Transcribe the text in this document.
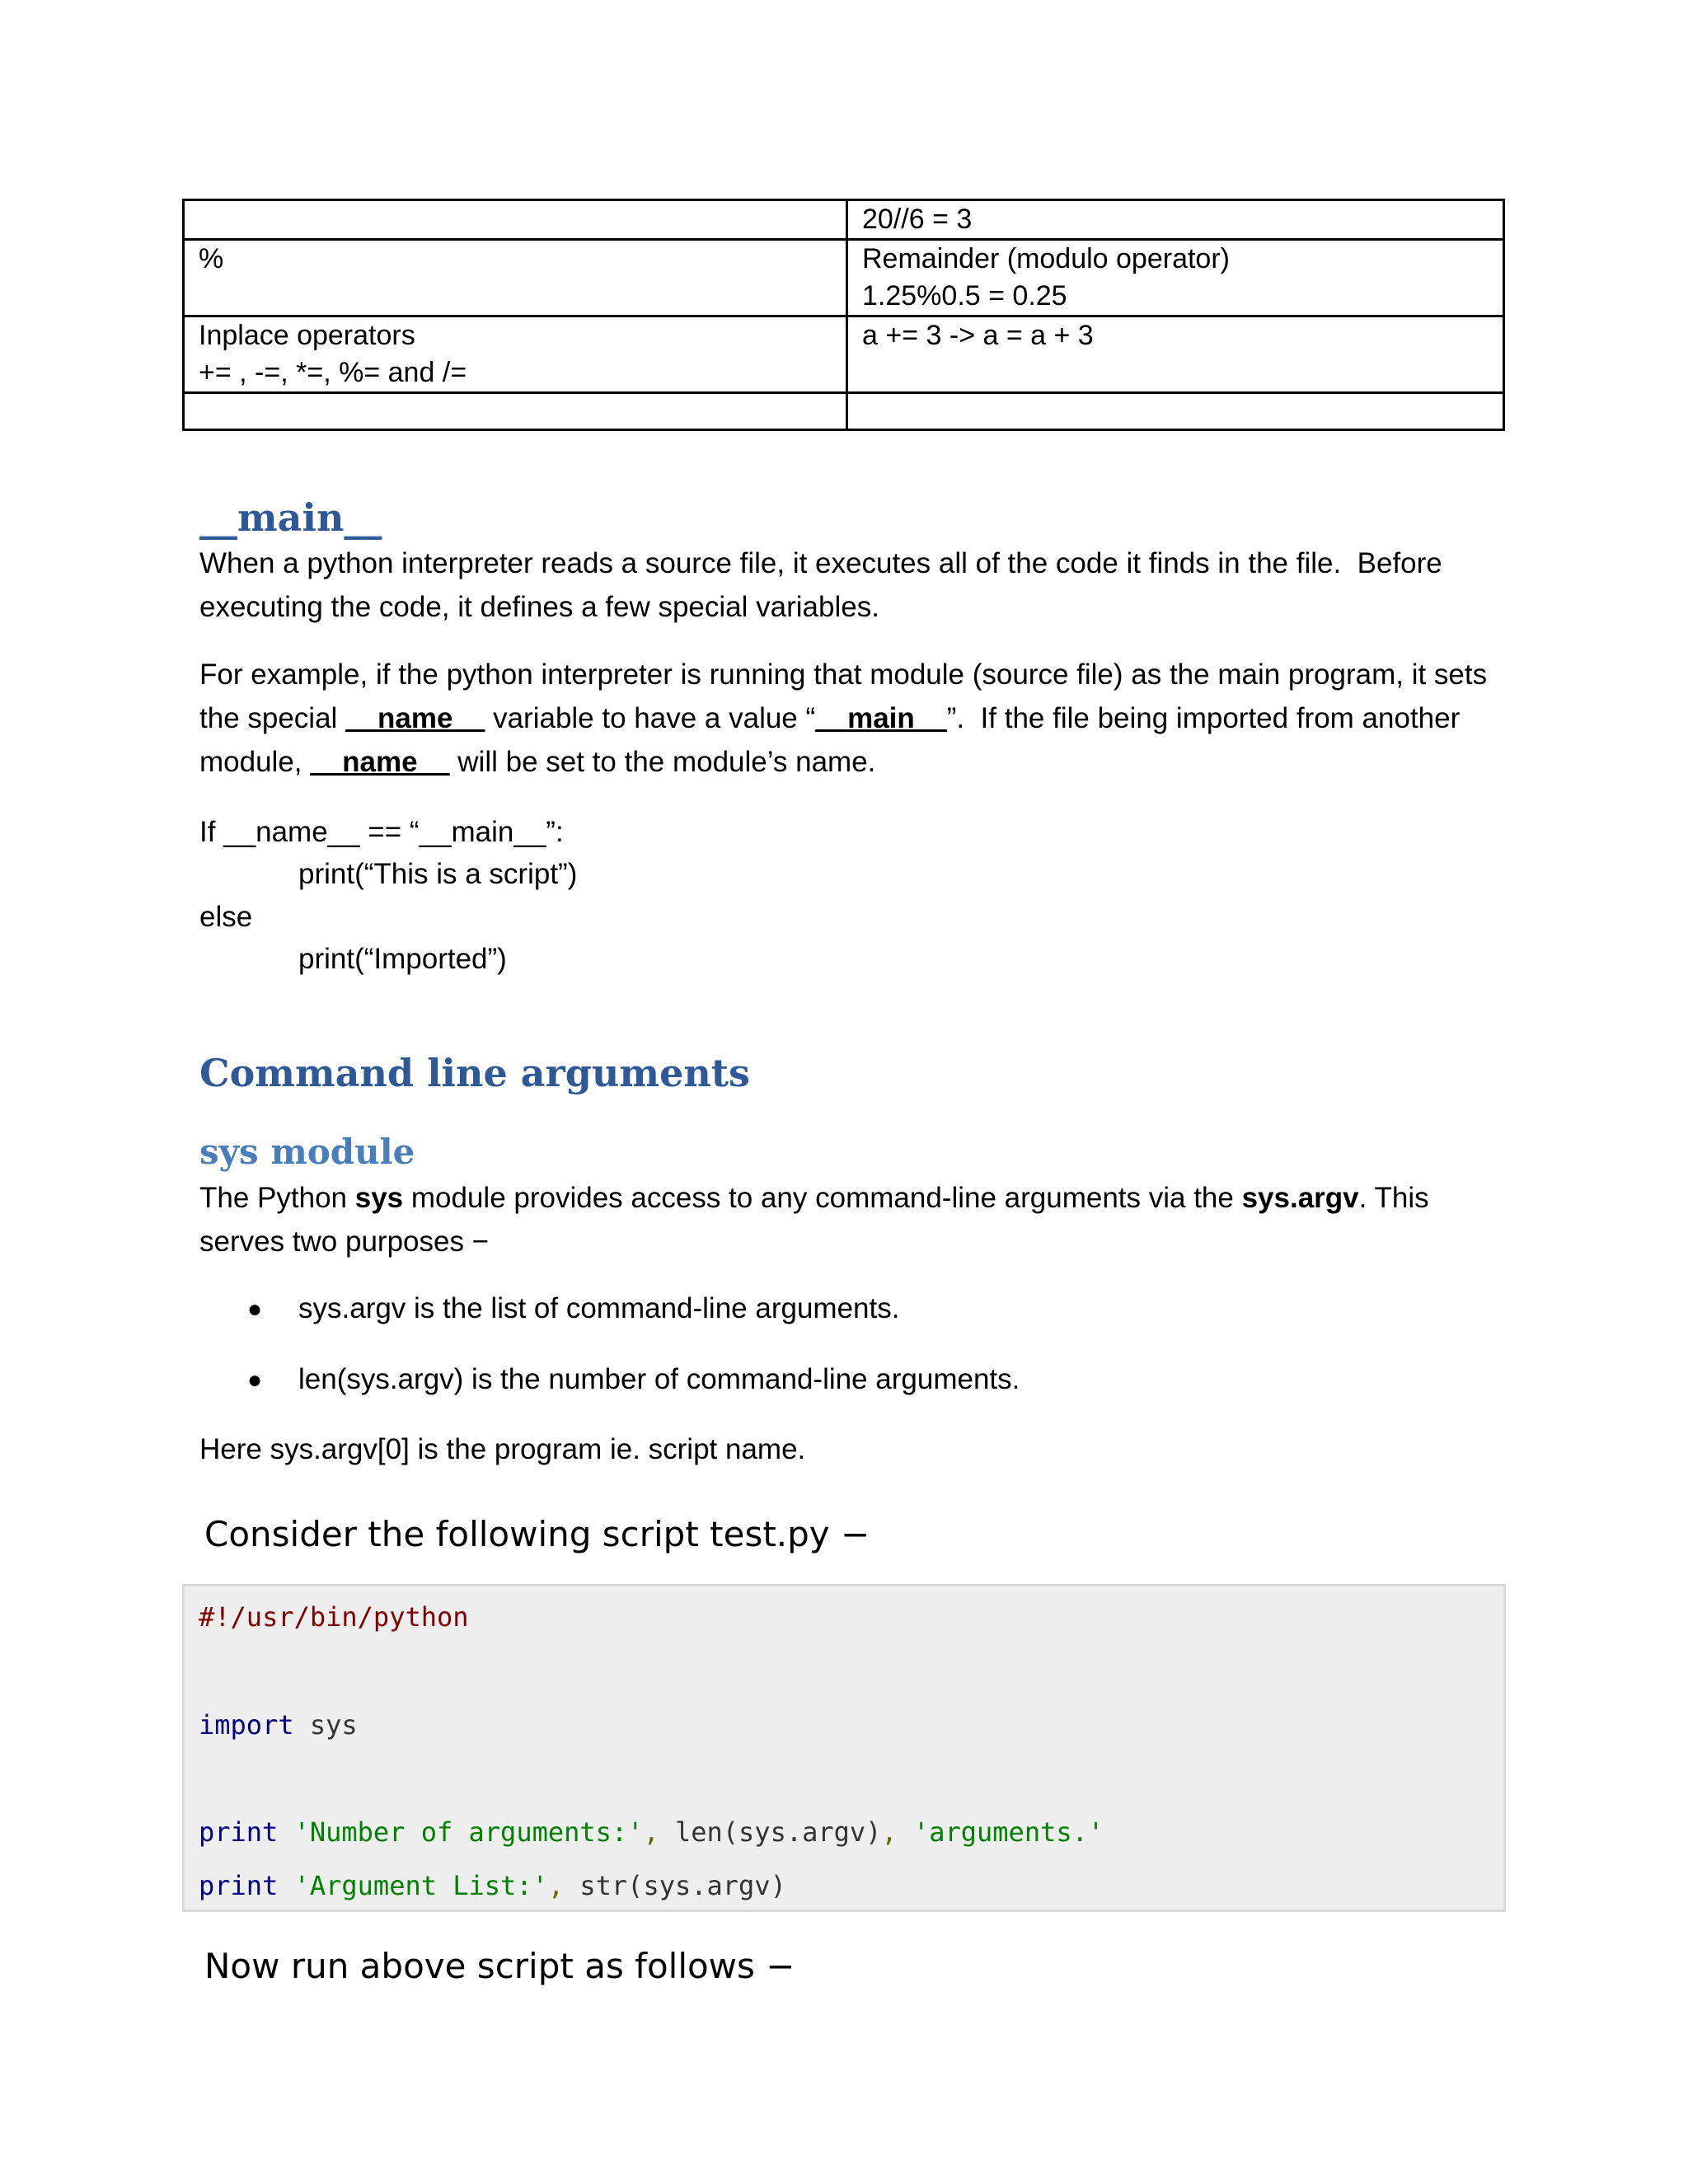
	20//6 = 3

%	Remainder (modulo operator)
1.25%0.5 = 0.25

Inplace operators
+= , -=, *=, %= and /=	a += 3 -> a = a + 3

__main__

When a python interpreter reads a source file, it executes all of the code it finds in the file.  Before executing the code, it defines a few special variables.

For example, if the python interpreter is running that module (source file) as the main program, it sets the special __name__ variable to have a value “__main__”.  If the file being imported from another module, __name__ will be set to the module’s name.

If __name__ == “__main__”:

print(“This is a script”)

else

print(“Imported”)

Command line arguments
sys module

The Python sys module provides access to any command-line arguments via the sys.argv. This serves two purposes −

● sys.argv is the list of command-line arguments.

● len(sys.argv) is the number of command-line arguments.

Here sys.argv[0] is the program ie. script name.

Consider the following script test.py −

#!/usr/bin/python

import sys

print 'Number of arguments:', len(sys.argv), 'arguments.'

print 'Argument List:', str(sys.argv)

Now run above script as follows −
